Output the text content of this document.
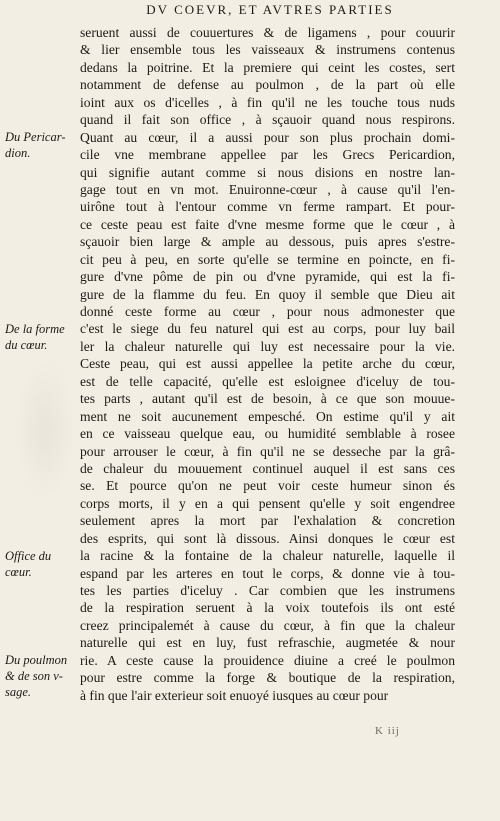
DV COEVR, ET AVTRES PARTIES
seruent aussi de couuertures & de ligamens , pour couurir
& lier ensemble tous les vaisseaux & instrumens contenus
dedans la poitrine. Et la premiere qui ceint les costes, sert
notamment de defense au poulmon , de la part où elle
ioint aux os d'icelles , à fin qu'il ne les touche tous nuds
quand il fait son office , à sçauoir quand nous respirons.
Quant au cœur, il a aussi pour son plus prochain domi-
cile vne membrane appellee par les Grecs Pericardion,
qui signifie autant comme si nous disions en nostre lan-
gage tout en vn mot. Enuironne-cœur , à cause qu'il l'en-
uirône tout à l'entour comme vn ferme rampart. Et pour-
ce ceste peau est faite d'vne mesme forme que le cœur , à
sçauoir bien large & ample au dessous, puis apres s'estre-
cit peu à peu, en sorte qu'elle se termine en poincte, en fi-
gure d'vne pôme de pin ou d'vne pyramide, qui est la fi-
gure de la flamme du feu. En quoy il semble que Dieu ait
donné ceste forme au cœur , pour nous admonester que
c'est le siege du feu naturel qui est au corps, pour luy bail
ler la chaleur naturelle qui luy est necessaire pour la vie.
Ceste peau, qui est aussi appellee la petite arche du cœur,
est de telle capacité, qu'elle est esloignee d'iceluy de tou-
tes parts , autant qu'il est de besoin, à ce que son mouue-
ment ne soit aucunement empesché. On estime qu'il y ait
en ce vaisseau quelque eau, ou humidité semblable à rosee
pour arrouser le cœur, à fin qu'il ne se desseche par la grâ-
de chaleur du mouuement continuel auquel il est sans ces
se. Et pource qu'on ne peut voir ceste humeur sinon és
corps morts, il y en a qui pensent qu'elle y soit engendree
seulement apres la mort par l'exhalation & concretion
des esprits, qui sont là dissous. Ainsi donques le cœur est
la racine & la fontaine de la chaleur naturelle, laquelle il
espand par les arteres en tout le corps, & donne vie à tou-
tes les parties d'iceluy . Car combien que les instrumens
de la respiration seruent à la voix toutefois ils ont esté
creez principalemét à cause du cœur, à fin que la chaleur
naturelle qui est en luy, fust refraschie, augmetée & nour
rie. A ceste cause la prouidence diuine a creé le poulmon
pour estre comme la forge & boutique de la respiration,
à fin que l'air exterieur soit enuoyé iusques au cœur pour
Du Pericar-
dion.
De la forme
du cœur.
Office du
cœur.
Du poulmon
& de son v-
sage.
K iij
